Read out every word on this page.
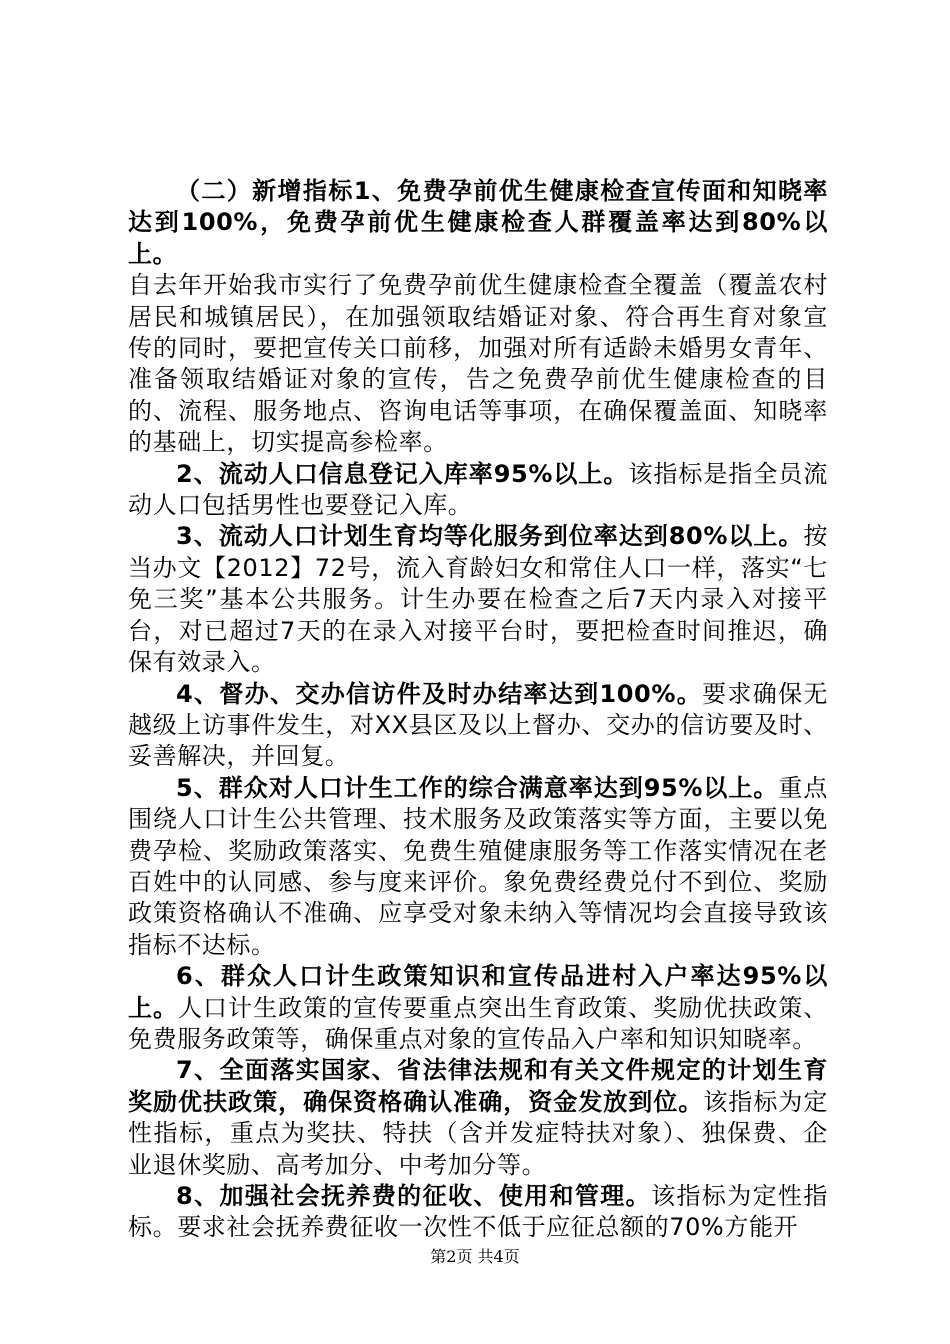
（二）新增指标1、免费孕前优生健康检查宣传面和知晓率达到100%，免费孕前优生健康检查人群覆盖率达到80%以上。
自去年开始我市实行了免费孕前优生健康检查全覆盖（覆盖农村居民和城镇居民），在加强领取结婚证对象、符合再生育对象宣传的同时，要把宣传关口前移，加强对所有适龄未婚男女青年、准备领取结婚证对象的宣传，告之免费孕前优生健康检查的目的、流程、服务地点、咨询电话等事项，在确保覆盖面、知晓率的基础上，切实提高参检率。

2、流动人口信息登记入库率95%以上。该指标是指全员流动人口包括男性也要登记入库。

3、流动人口计划生育均等化服务到位率达到80%以上。按当办文【2012】72号，流入育龄妇女和常住人口一样，落实“七免三奖”基本公共服务。计生办要在检查之后7天内录入对接平台，对已超过7天的在录入对接平台时，要把检查时间推迟，确保有效录入。

4、督办、交办信访件及时办结率达到100%。要求确保无越级上访事件发生，对XX县区及以上督办、交办的信访要及时、妥善解决，并回复。

5、群众对人口计生工作的综合满意率达到95%以上。重点围绕人口计生公共管理、技术服务及政策落实等方面，主要以免费孕检、奖励政策落实、免费生殖健康服务等工作落实情况在老百姓中的认同感、参与度来评价。象免费经费兑付不到位、奖励政策资格确认不准确、应享受对象未纳入等情况均会直接导致该指标不达标。

6、群众人口计生政策知识和宣传品进村入户率达95%以上。人口计生政策的宣传要重点突出生育政策、奖励优扶政策、免费服务政策等，确保重点对象的宣传品入户率和知识知晓率。

7、全面落实国家、省法律法规和有关文件规定的计划生育奖励优扶政策，确保资格确认准确，资金发放到位。该指标为定性指标，重点为奖扶、特扶（含并发症特扶对象）、独保费、企业退休奖励、高考加分、中考加分等。

8、加强社会抚养费的征收、使用和管理。该指标为定性指标。要求社会抚养费征收一次性不低于应征总额的70%方能开

第2页 共4页
